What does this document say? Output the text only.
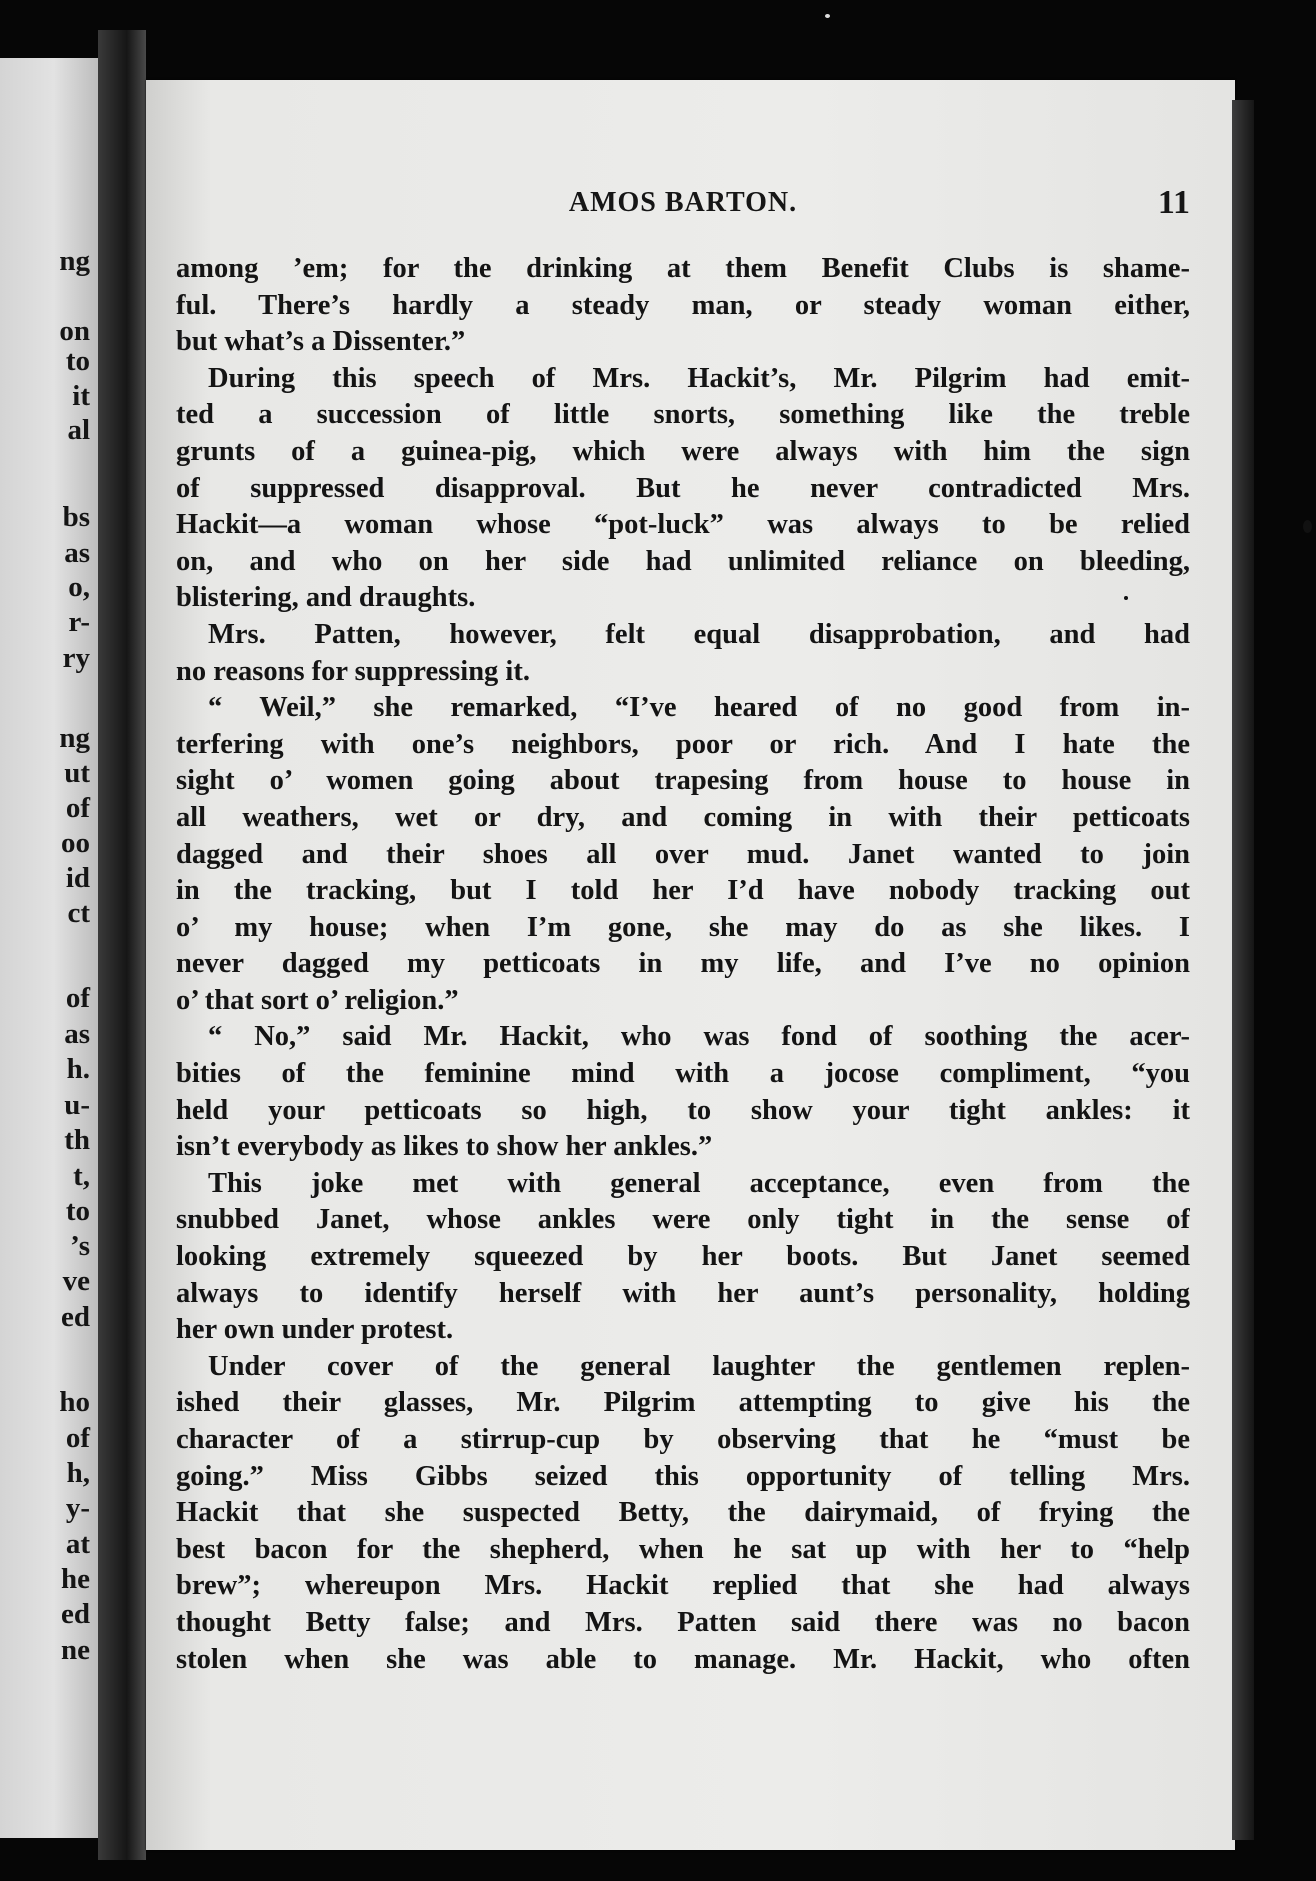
ng
on
to
it
al
bs
as
o,
r-
ry
ng
ut
of
oo
id
ct
of
as
h.
u-
th
t,
to
’s
ve
ed
ho
of
h,
y-
at
he
ed
ne
AMOS BARTON.	11
among ’em; for the drinking at them Benefit Clubs is shame-
ful. There’s hardly a steady man, or steady woman either,
but what’s a Dissenter.”
During this speech of Mrs. Hackit’s, Mr. Pilgrim had emit-
ted a succession of little snorts, something like the treble
grunts of a guinea-pig, which were always with him the sign
of suppressed disapproval. But he never contradicted Mrs.
Hackit—a woman whose “pot-luck” was always to be relied
on, and who on her side had unlimited reliance on bleeding,
blistering, and draughts.
Mrs. Patten, however, felt equal disapprobation, and had
no reasons for suppressing it.
“ Weil,” she remarked, “I’ve heared of no good from in-
terfering with one’s neighbors, poor or rich. And I hate the
sight o’ women going about trapesing from house to house in
all weathers, wet or dry, and coming in with their petticoats
dagged and their shoes all over mud. Janet wanted to join
in the tracking, but I told her I’d have nobody tracking out
o’ my house; when I’m gone, she may do as she likes. I
never dagged my petticoats in my life, and I’ve no opinion
o’ that sort o’ religion.”
“ No,” said Mr. Hackit, who was fond of soothing the acer-
bities of the feminine mind with a jocose compliment, “you
held your petticoats so high, to show your tight ankles: it
isn’t everybody as likes to show her ankles.”
This joke met with general acceptance, even from the
snubbed Janet, whose ankles were only tight in the sense of
looking extremely squeezed by her boots. But Janet seemed
always to identify herself with her aunt’s personality, holding
her own under protest.
Under cover of the general laughter the gentlemen replen-
ished their glasses, Mr. Pilgrim attempting to give his the
character of a stirrup-cup by observing that he “must be
going.” Miss Gibbs seized this opportunity of telling Mrs.
Hackit that she suspected Betty, the dairymaid, of frying the
best bacon for the shepherd, when he sat up with her to “help
brew”; whereupon Mrs. Hackit replied that she had always
thought Betty false; and Mrs. Patten said there was no bacon
stolen when she was able to manage. Mr. Hackit, who often
